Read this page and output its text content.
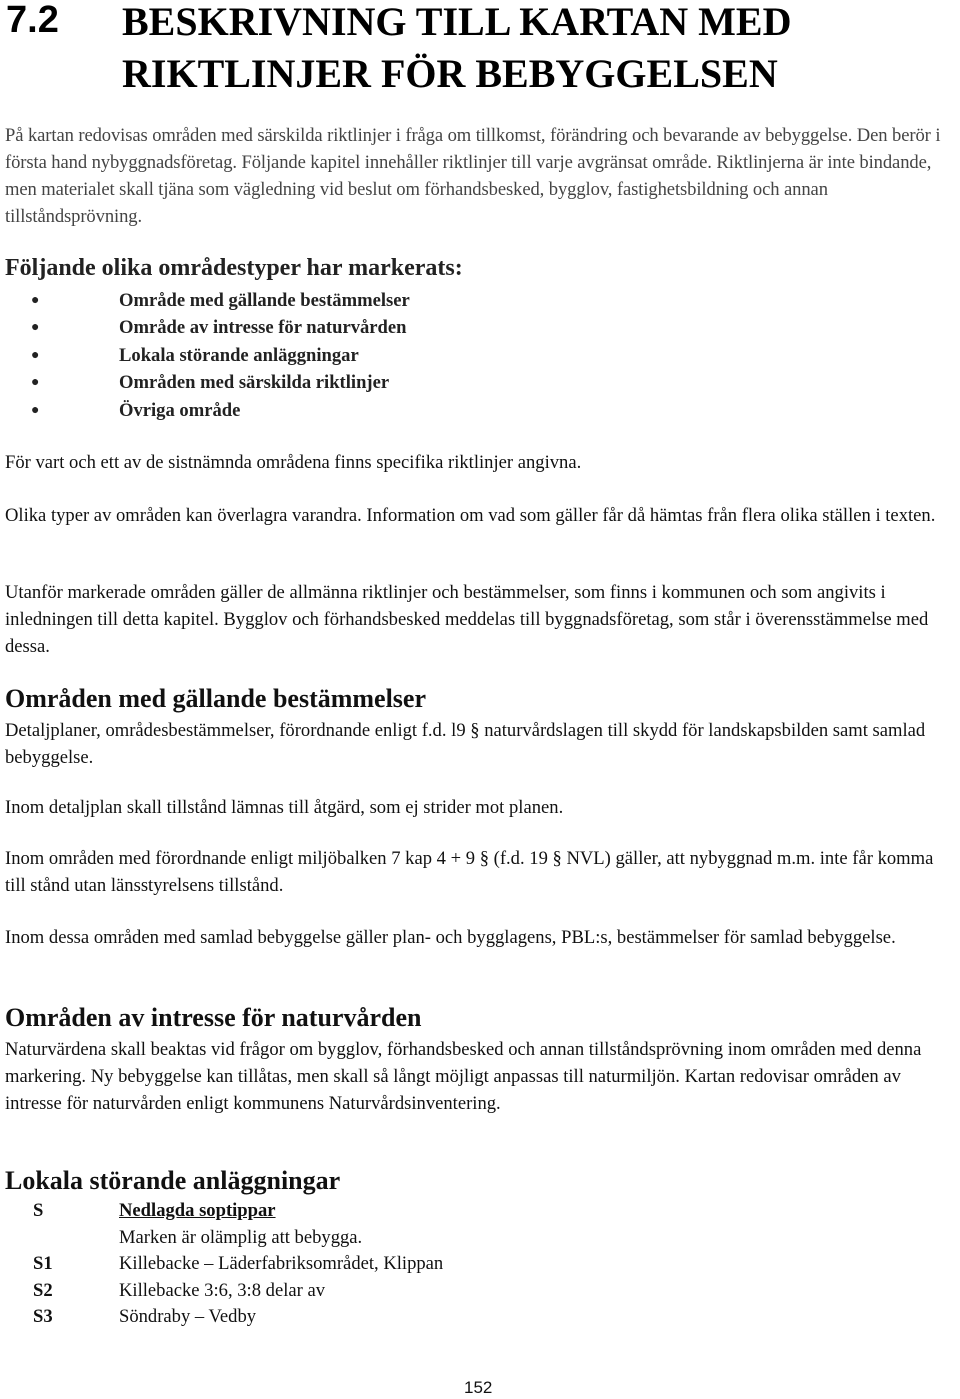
7.2	BESKRIVNING TILL KARTAN MED RIKTLINJER FÖR BEBYGGELSEN

På kartan redovisas områden med särskilda riktlinjer i fråga om tillkomst, förändring och bevarande av bebyggelse. Den berör i första hand nybyggnadsföretag. Följande kapitel innehåller riktlinjer till varje avgränsat område. Riktlinjerna är inte bindande, men materialet skall tjäna som vägledning vid beslut om förhandsbesked, bygglov, fastighetsbildning och annan tillståndsprövning.

Följande olika områdestyper har markerats:
●	Område med gällande bestämmelser
●	Område av intresse för naturvården
●	Lokala störande anläggningar
●	Områden med särskilda riktlinjer
●	Övriga område

För vart och ett av de sistnämnda områdena finns specifika riktlinjer angivna.

Olika typer av områden kan överlagra varandra. Information om vad som gäller får då hämtas från flera olika ställen i texten.

Utanför markerade områden gäller de allmänna riktlinjer och bestämmelser, som finns i kommunen och som angivits i inledningen till detta kapitel. Bygglov och förhandsbesked meddelas till byggnadsföretag, som står i överensstämmelse med dessa.

Områden med gällande bestämmelser

Detaljplaner, områdesbestämmelser, förordnande enligt f.d. l9 § naturvårdslagen till skydd för landskapsbilden samt samlad bebyggelse.

Inom detaljplan skall tillstånd lämnas till åtgärd, som ej strider mot planen.

Inom områden med förordnande enligt miljöbalken 7 kap 4 + 9 § (f.d. 19 § NVL) gäller, att nybyggnad m.m. inte får komma till stånd utan länsstyrelsens tillstånd.

Inom dessa områden med samlad bebyggelse gäller plan- och bygglagens, PBL:s, bestämmelser för samlad bebyggelse.

Områden av intresse för naturvården

Naturvärdena skall beaktas vid frågor om bygglov, förhandsbesked och annan tillståndsprövning inom områden med denna markering. Ny bebyggelse kan tillåtas, men skall så långt möjligt anpassas till naturmiljön. Kartan redovisar områden av intresse för naturvården enligt kommunens Naturvårdsinventering.

Lokala störande anläggningar
S	Nedlagda soptippar
Marken är olämplig att bebygga.
S1	Killebacke – Läderfabriksområdet, Klippan
S2	Killebacke 3:6, 3:8 delar av
S3	Söndraby – Vedby
152
